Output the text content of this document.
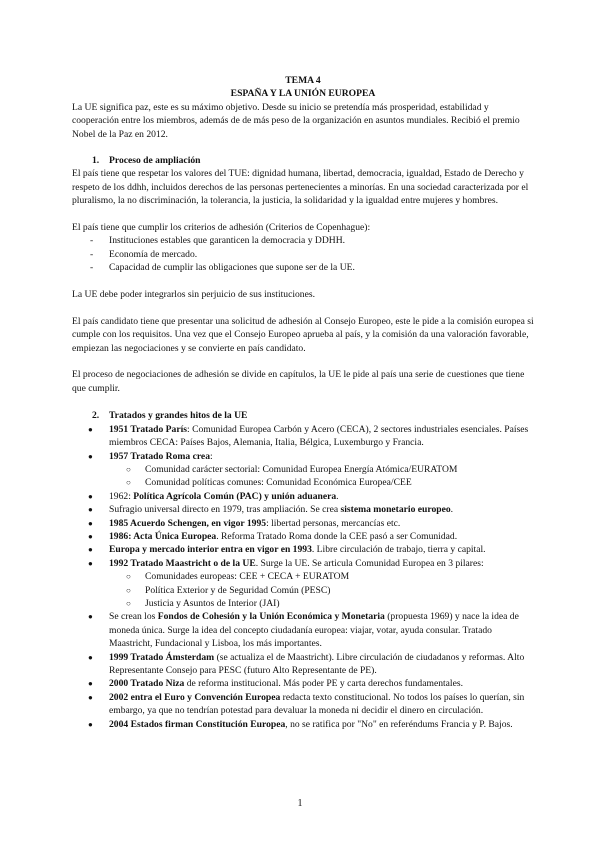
TEMA 4

ESPAÑA Y LA UNIÓN EUROPEA

La UE significa paz, este es su máximo objetivo. Desde su inicio se pretendía más prosperidad, estabilidad y cooperación entre los miembros, además de de más peso de la organización en asuntos mundiales. Recibió el premio Nobel de la Paz en 2012.

1. Proceso de ampliación

El país tiene que respetar los valores del TUE: dignidad humana, libertad, democracia, igualdad, Estado de Derecho y respeto de los ddhh, incluidos derechos de las personas pertenecientes a minorías. En una sociedad caracterizada por el pluralismo, la no discriminación, la tolerancia, la justicia, la solidaridad y la igualdad entre mujeres y hombres.

El país tiene que cumplir los criterios de adhesión (Criterios de Copenhague):

- Instituciones estables que garanticen la democracia y DDHH.
- Economía de mercado.
- Capacidad de cumplir las obligaciones que supone ser de la UE.

La UE debe poder integrarlos sin perjuicio de sus instituciones.

El país candidato tiene que presentar una solicitud de adhesión al Consejo Europeo, este le pide a la comisión europea si cumple con los requisitos. Una vez que el Consejo Europeo aprueba al país, y la comisión da una valoración favorable, empiezan las negociaciones y se convierte en país candidato.

El proceso de negociaciones de adhesión se divide en capítulos, la UE le pide al país una serie de cuestiones que tiene que cumplir.

2. Tratados y grandes hitos de la UE

● 1951 Tratado París: Comunidad Europea Carbón y Acero (CECA), 2 sectores industriales esenciales. Países miembros CECA: Países Bajos, Alemania, Italia, Bélgica, Luxemburgo y Francia.
● 1957 Tratado Roma crea:
○ Comunidad carácter sectorial: Comunidad Europea Energía Atómica/EURATOM
○ Comunidad políticas comunes: Comunidad Económica Europea/CEE
● 1962: Política Agrícola Común (PAC) y unión aduanera.
● Sufragio universal directo en 1979, tras ampliación. Se crea sistema monetario europeo.
● 1985 Acuerdo Schengen, en vigor 1995: libertad personas, mercancías etc.
● 1986: Acta Única Europea. Reforma Tratado Roma donde la CEE pasó a ser Comunidad.
● Europa y mercado interior entra en vigor en 1993. Libre circulación de trabajo, tierra y capital.
● 1992 Tratado Maastricht o de la UE. Surge la UE. Se articula Comunidad Europea en 3 pilares:
○ Comunidades europeas: CEE + CECA + EURATOM
○ Política Exterior y de Seguridad Común (PESC)
○ Justicia y Asuntos de Interior (JAI)
● Se crean los Fondos de Cohesión y la Unión Económica y Monetaria (propuesta 1969) y nace la idea de moneda única. Surge la idea del concepto ciudadanía europea: viajar, votar, ayuda consular. Tratado Maastricht, Fundacional y Lisboa, los más importantes.
● 1999 Tratado Ámsterdam (se actualiza el de Maastricht). Libre circulación de ciudadanos y reformas. Alto Representante Consejo para PESC (futuro Alto Representante de PE).
● 2000 Tratado Niza de reforma institucional. Más poder PE y carta derechos fundamentales.
● 2002 entra el Euro y Convención Europea redacta texto constitucional. No todos los países lo querían, sin embargo, ya que no tendrían potestad para devaluar la moneda ni decidir el dinero en circulación.
● 2004 Estados firman Constitución Europea, no se ratifica por "No" en referéndums Francia y P. Bajos.
1
